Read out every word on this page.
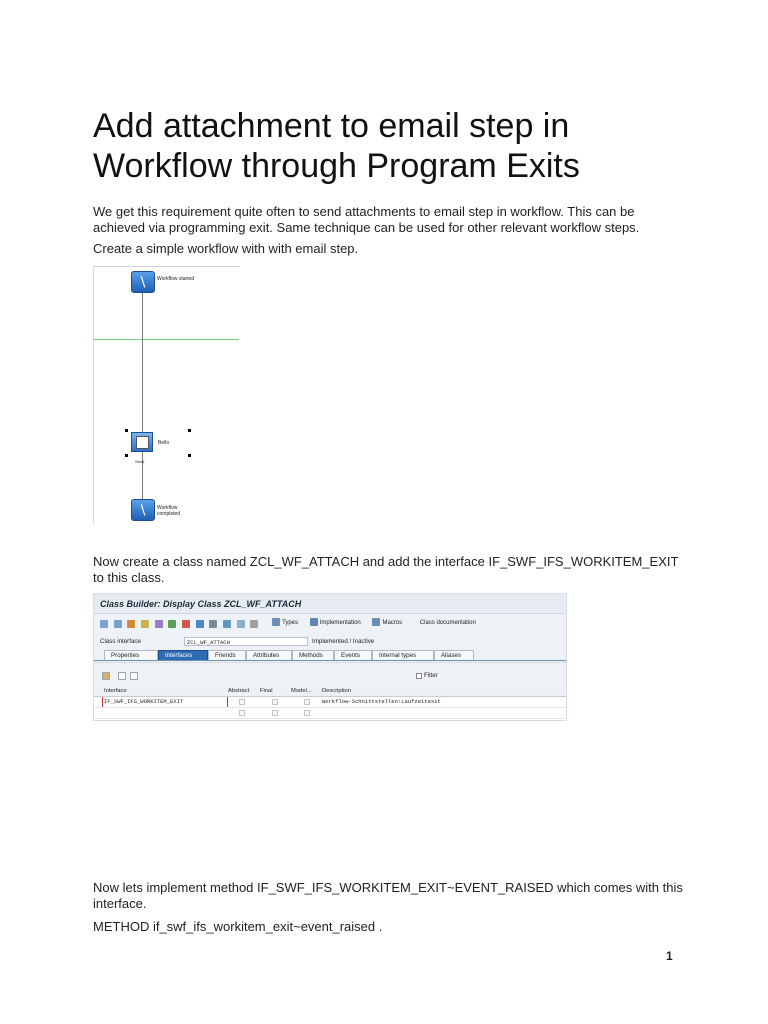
Add attachment to email step in Workflow through Program Exits

We get this requirement quite often to send attachments to email step in workflow. This can be achieved via programming exit. Same technique can be used for other relevant workflow steps.

Create a simple workflow with with email step.

⧹	Workflow started
Bello
Send
⧹	Workflow completed

Now create a class named ZCL_WF_ATTACH and add the interface IF_SWF_IFS_WORKITEM_EXIT to this class.

Class Builder: Display Class ZCL_WF_ATTACH
Types	Implementation	Macros	Class documentation
Class interface	ZCL_WF_ATTACH	Implemented / Inactive
Properties	Interfaces	Friends	Attributes	Methods	Events	Internal types	Aliases
Filter
Interface	Abstract Final	Model... Description
IF_SWF_IFS_WORKITEM_EXIT	Workflow-Schnittstellen:Laufzeitexit

Now lets implement method IF_SWF_IFS_WORKITEM_EXIT~EVENT_RAISED which comes with this interface.

METHOD if_swf_ifs_workitem_exit~event_raised .

1
